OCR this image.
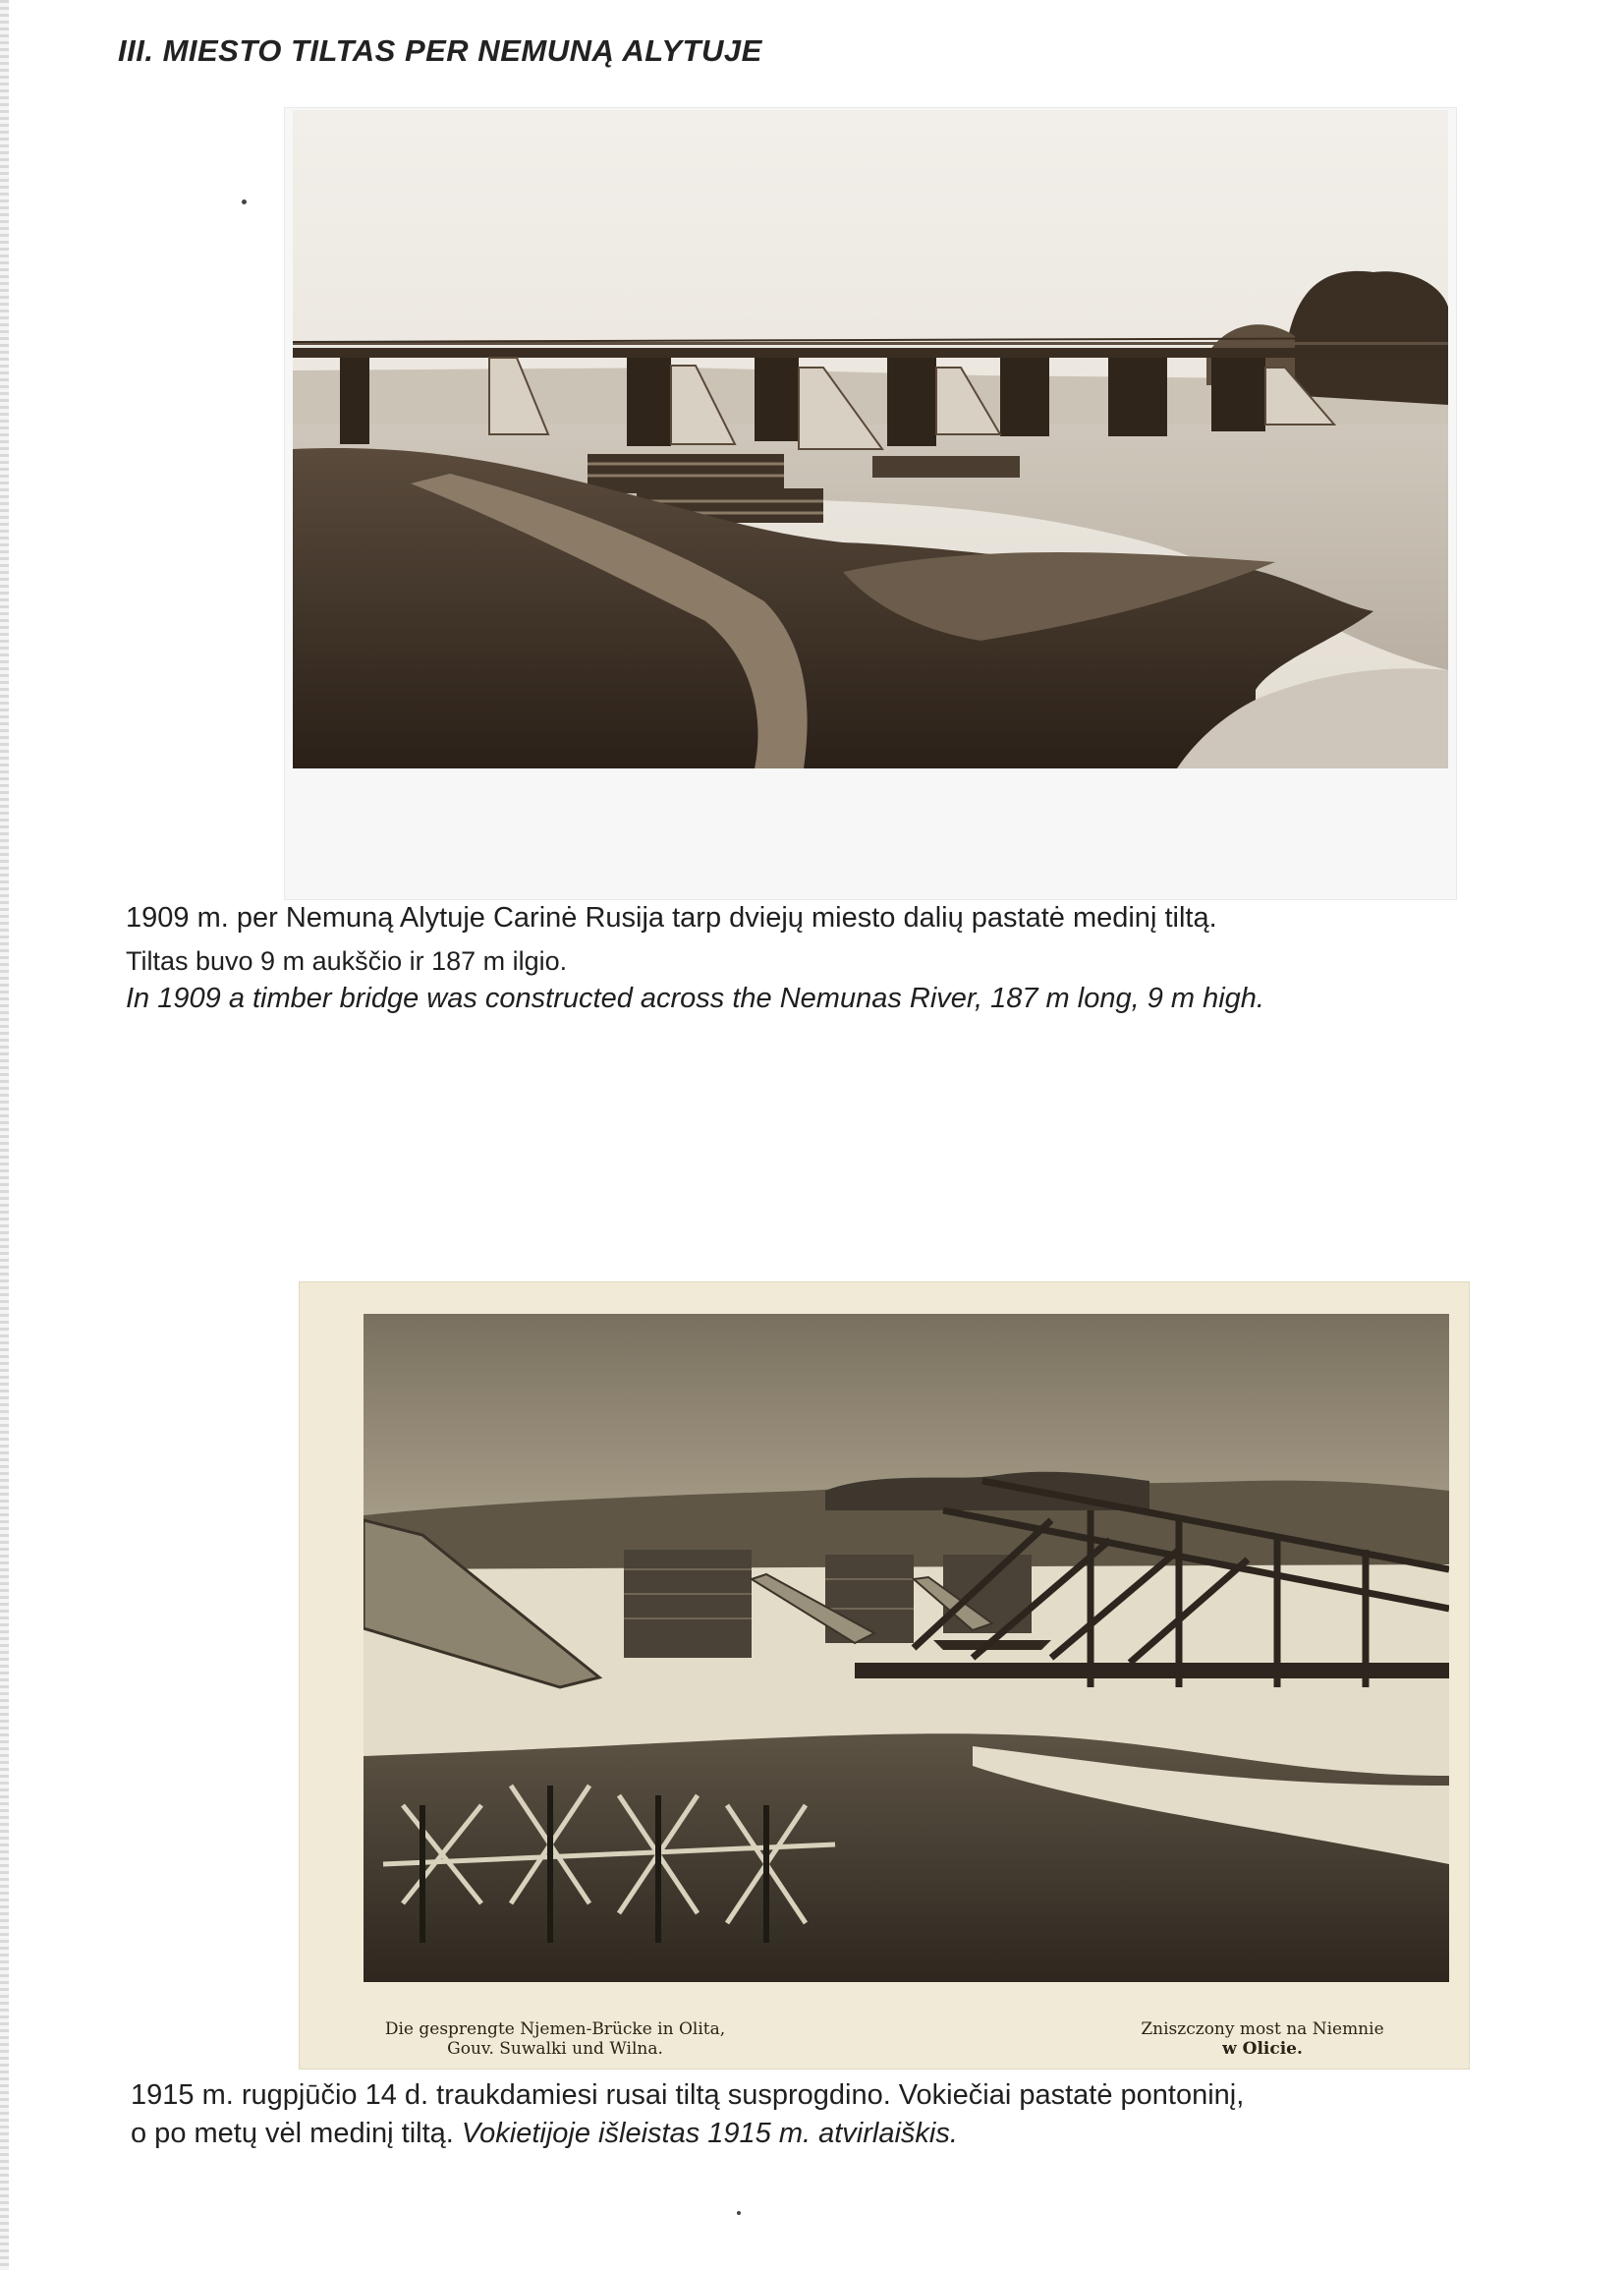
III. MIESTO TILTAS PER NEMUNĄ ALYTUJE
1909 m. per Nemuną Alytuje Carinė Rusija tarp dviejų miesto dalių pastatė medinį tiltą.
Tiltas buvo 9 m aukščio ir 187 m ilgio.
In 1909 a timber bridge was constructed across the Nemunas River, 187 m long, 9 m high.
Die gesprengte Njemen-Brücke in Olita,
Gouv. Suwalki und Wilna.
Zniszczony most na Niemnie
w Olicie.
1915 m. rugpjūčio 14 d. traukdamiesi rusai tiltą susprogdino. Vokiečiai pastatė pontoninį,
o po metų vėl medinį tiltą. Vokietijoje išleistas 1915 m. atvirlaiškis.
